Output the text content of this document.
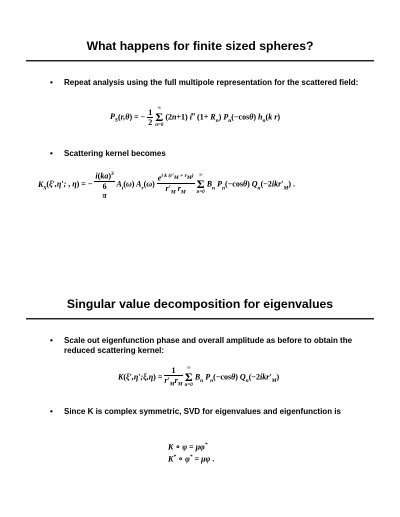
What happens for finite sized spheres?
• Repeat analysis using the full multipole representation for the scattered field:
$P_S(r,\theta)$ = − $\frac{1}{2}$
∞
Σ
n=0
(2n+1) $i^n$ $(1+ R_n)$ $P_n(-\cos\theta)$ $h_n(k$ r)
• Scattering kernel becomes
$K_S(\xi',\eta'$; , η) = −
i(ka)$^3$
6
π $A_t(\omega)$ $A_r(\omega) \frac{e^{i k (r'_M + r_M)}}{r'_M r_M}$
∞
Σ
n=0
$B_n$ $P_n(-\cos\theta)$ $Q_n(-2ikr'_M)$ .
Singular value decomposition for eigenvalues
• Scale out eigenfunction phase and overall amplitude as before to obtain the reduced scattering kernel:
K(ξ′,η′;ξ,η) = $\frac{1}{r'_Mr_M}$
∞
Σ
n=0
$B_n$ $P_n(-\cos\theta)$ $Q_n(-2ikr'_M)$
• Since K is complex symmetric, SVD for eigenvalues and eigenfunction is
K ∘ φ = μφ*
K* ∘ φ* = μφ .
